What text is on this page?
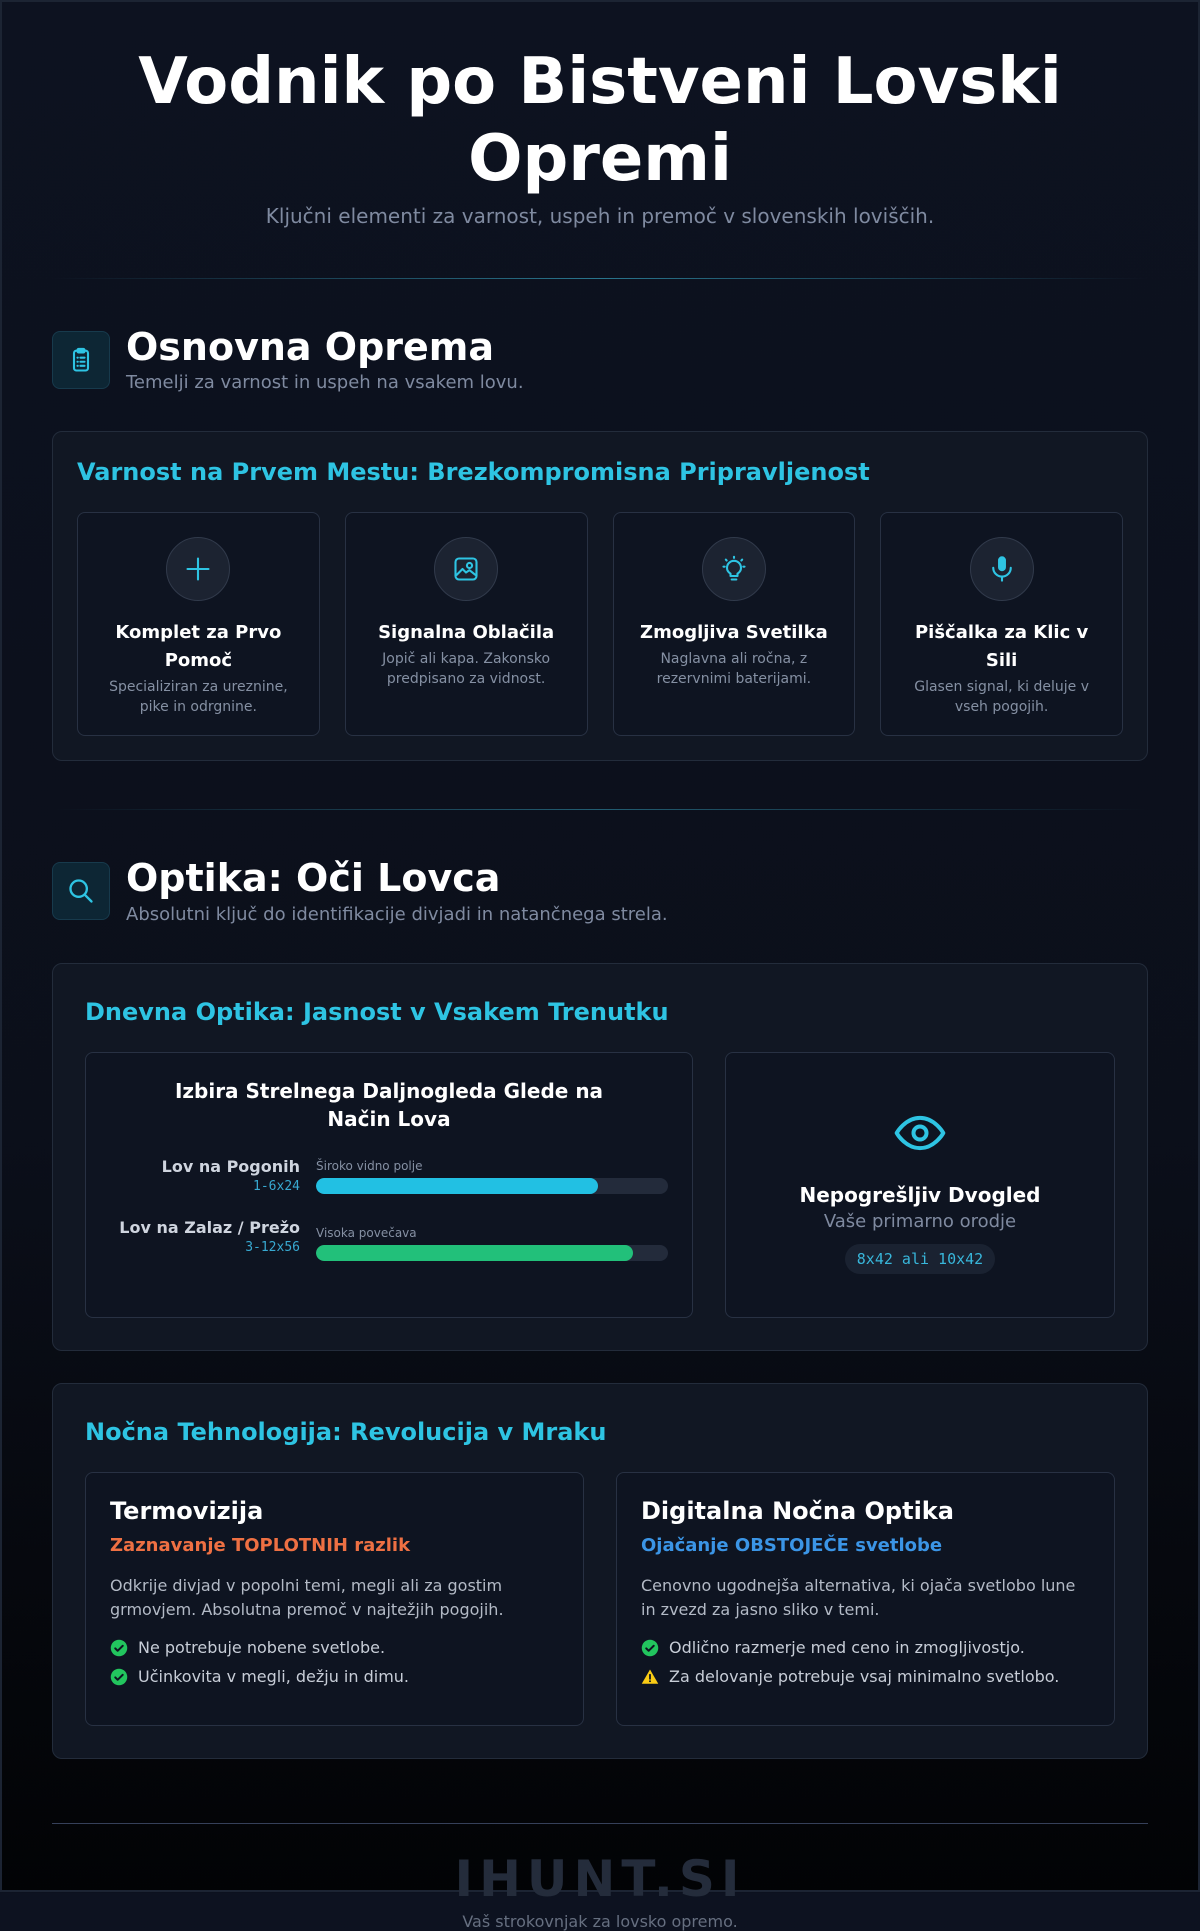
Vodnik po Bistveni Lovski Opremi
Ključni elementi za varnost, uspeh in premoč v slovenskih loviščih.
Osnovna Oprema
Temelji za varnost in uspeh na vsakem lovu.
Varnost na Prvem Mestu: Brezkompromisna Pripravljenost
Komplet za Prvo Pomoč
Specializiran za ureznine, pike in odrgnine.
Signalna Oblačila
Jopič ali kapa. Zakonsko predpisano za vidnost.
Zmogljiva Svetilka
Naglavna ali ročna, z rezervnimi baterijami.
Piščalka za Klic v Sili
Glasen signal, ki deluje v vseh pogojih.
Optika: Oči Lovca
Absolutni ključ do identifikacije divjadi in natančnega strela.
Dnevna Optika: Jasnost v Vsakem Trenutku
Izbira Strelnega Daljnogleda Glede na Način Lova
Lov na Pogonih
1-6x24
Široko vidno polje
Lov na Zalaz / Prežo
3-12x56
Visoka povečava
Nepogrešljiv Dvogled
Vaše primarno orodje
8x42 ali 10x42
Nočna Tehnologija: Revolucija v Mraku
Termovizija
Zaznavanje TOPLOTNIH razlik
Odkrije divjad v popolni temi, megli ali za gostim grmovjem. Absolutna premoč v najtežjih pogojih.
Ne potrebuje nobene svetlobe.
Učinkovita v megli, dežju in dimu.
Digitalna Nočna Optika
Ojačanje OBSTOJEČE svetlobe
Cenovno ugodnejša alternativa, ki ojača svetlobo lune in zvezd za jasno sliko v temi.
Odlično razmerje med ceno in zmogljivostjo.
Za delovanje potrebuje vsaj minimalno svetlobo.
IHUNT.SI
Vaš strokovnjak za lovsko opremo.
